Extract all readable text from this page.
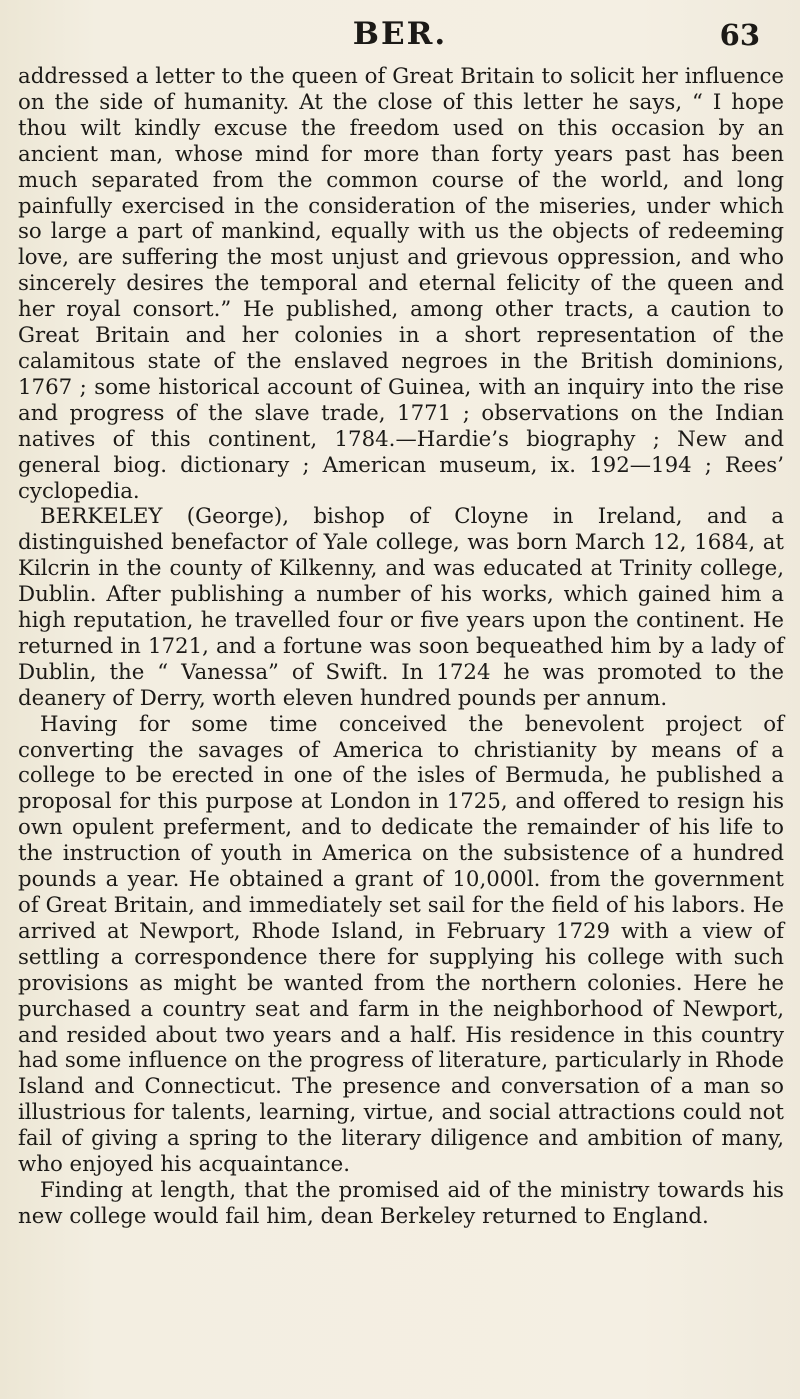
BER.	63

addressed a letter to the queen of Great Britain to solicit her influence on the side of humanity. At the close of this letter he says, “ I hope thou wilt kindly excuse the freedom used on this occasion by an ancient man, whose mind for more than forty years past has been much separated from the common course of the world, and long painfully exercised in the consideration of the miseries, under which so large a part of mankind, equally with us the objects of redeeming love, are suffering the most unjust and grievous oppression, and who sincerely desires the temporal and eternal felicity of the queen and her royal consort.” He published, among other tracts, a caution to Great Britain and her colonies in a short representation of the calamitous state of the enslaved negroes in the British dominions, 1767 ; some historical account of Guinea, with an inquiry into the rise and progress of the slave trade, 1771 ; observations on the Indian natives of this continent, 1784.—Hardie’s biography ; New and general biog. dictionary ; American museum, ix. 192—194 ; Rees’ cyclopedia.

BERKELEY (George), bishop of Cloyne in Ireland, and a distinguished benefactor of Yale college, was born March 12, 1684, at Kilcrin in the county of Kilkenny, and was educated at Trinity college, Dublin. After publishing a number of his works, which gained him a high reputation, he travelled four or five years upon the continent. He returned in 1721, and a fortune was soon bequeathed him by a lady of Dublin, the “ Vanessa” of Swift. In 1724 he was promoted to the deanery of Derry, worth eleven hundred pounds per annum.

Having for some time conceived the benevolent project of converting the savages of America to christianity by means of a college to be erected in one of the isles of Bermuda, he published a proposal for this purpose at London in 1725, and offered to resign his own opulent preferment, and to dedicate the remainder of his life to the instruction of youth in America on the subsistence of a hundred pounds a year. He obtained a grant of 10,000l. from the government of Great Britain, and immediately set sail for the field of his labors. He arrived at Newport, Rhode Island, in February 1729 with a view of settling a correspondence there for supplying his college with such provisions as might be wanted from the northern colonies. Here he purchased a country seat and farm in the neighborhood of Newport, and resided about two years and a half. His residence in this country had some influence on the progress of literature, particularly in Rhode Island and Connecticut. The presence and conversation of a man so illustrious for talents, learning, virtue, and social attractions could not fail of giving a spring to the literary diligence and ambition of many, who enjoyed his acquaintance.

Finding at length, that the promised aid of the ministry towards his new college would fail him, dean Berkeley returned to England.
